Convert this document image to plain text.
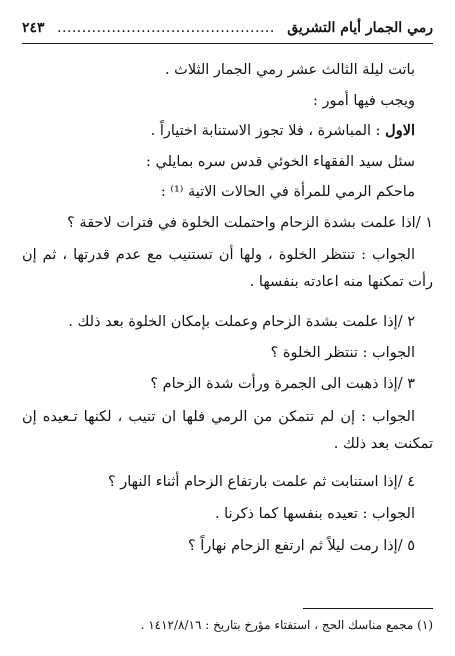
رمي الجمار أيام التشريق
............................................
٢٤٣
باتت ليلة الثالث عشر رمي الجمار الثلاث .
ويجب فيها أمور :
الاول : المباشرة ، فلا تجوز الاستنابة اختياراً .
سئل سيد الفقهاء الخوئي قدس سره بمايلي :
ماحكم الرمي للمرأة في الحالات الاتية ⁽¹⁾ :
١ /اذا علمت بشدة الزحام واحتملت الخلوة في فترات لاحقة ؟
الجواب : تنتظر الخلوة ، ولها أن تستنيب مع عدم قدرتها ، ثم إن
رأت تمكنها منه اعادته بنفسها .
٢ /إذا علمت بشدة الزحام وعملت بإمكان الخلوة بعد ذلك .
الجواب : تنتظر الخلوة ؟
٣ /إذا ذهبت الى الجمرة ورأت شدة الزحام ؟
الجواب : إن لم تتمكن من الرمي فلها ان تنيب ، لكنها تـعيده إن
تمكنت بعد ذلك .
٤ /إذا استنابت ثم علمت بارتفاع الزحام أثناء النهار ؟
الجواب : تعيده بنفسها كما ذكرنا .
٥ /إذا رمت ليلاً ثم ارتفع الزحام نهاراً ؟
(١) مجمع مناسك الحج ، استفتاء مؤرخ بتاريخ : ١٤١٢/٨/١٦ .
